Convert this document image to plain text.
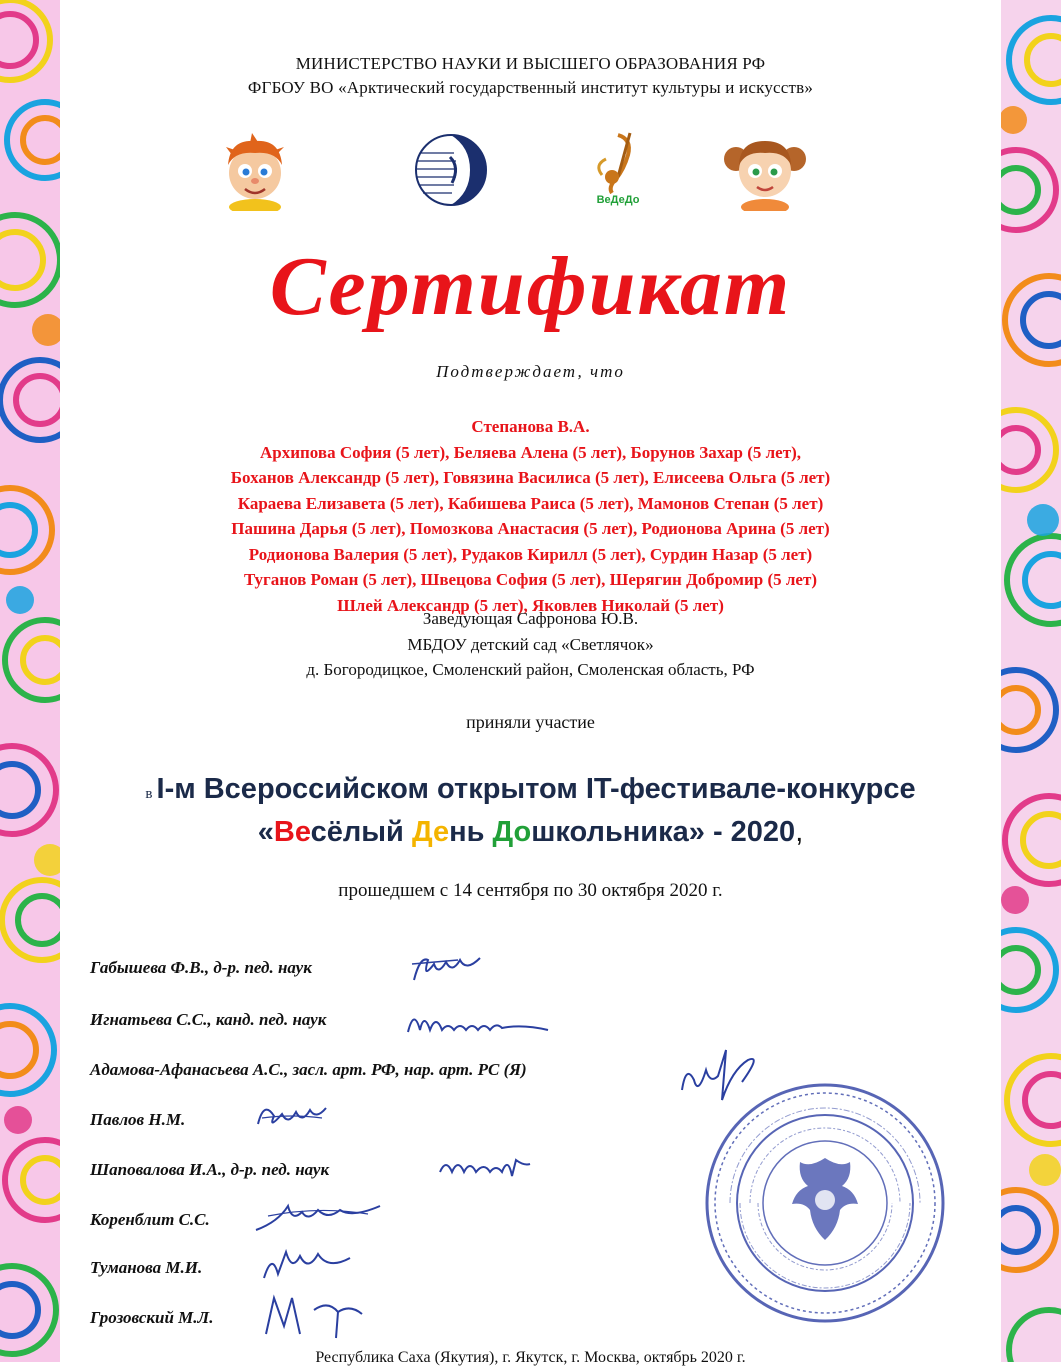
МИНИСТЕРСТВО НАУКИ И ВЫСШЕГО ОБРАЗОВАНИЯ РФ
ФГБОУ ВО «Арктический государственный институт культуры и искусств»
ВеДеДо
Сертификат
Подтверждает, что
Степанова В.А.
Архипова София (5 лет), Беляева Алена (5 лет), Борунов Захар (5 лет),
Боханов Александр (5 лет), Говязина Василиса (5 лет), Елисеева Ольга (5 лет)
Караева Елизавета (5 лет), Кабишева Раиса (5 лет), Мамонов Степан (5 лет)
Пашина Дарья (5 лет), Помозкова Анастасия (5 лет), Родионова Арина (5 лет)
Родионова Валерия (5 лет), Рудаков Кирилл (5 лет), Сурдин Назар (5 лет)
Туганов Роман (5 лет), Швецова София (5 лет), Шерягин Добромир (5 лет)
Шлей Александр (5 лет), Яковлев Николай (5 лет)
Заведующая Сафронова Ю.В.
МБДОУ детский сад «Светлячок»
д. Богородицкое, Смоленский район, Смоленская область, РФ
приняли участие
в I-м Всероссийском открытом IT-фестивале-конкурсе
«Весёлый День Дошкольника» - 2020,
прошедшем с 14 сентября по 30 октября 2020 г.
Габышева Ф.В., д-р. пед. наук
Игнатьева С.С., канд. пед. наук
Адамова-Афанасьева А.С., засл. арт. РФ, нар. арт. РС (Я)
Павлов Н.М.
Шаповалова И.А., д-р. пед. наук
Коренблит С.С.
Туманова М.И.
Грозовский М.Л.
Республика Саха (Якутия), г. Якутск, г. Москва, октябрь 2020 г.
